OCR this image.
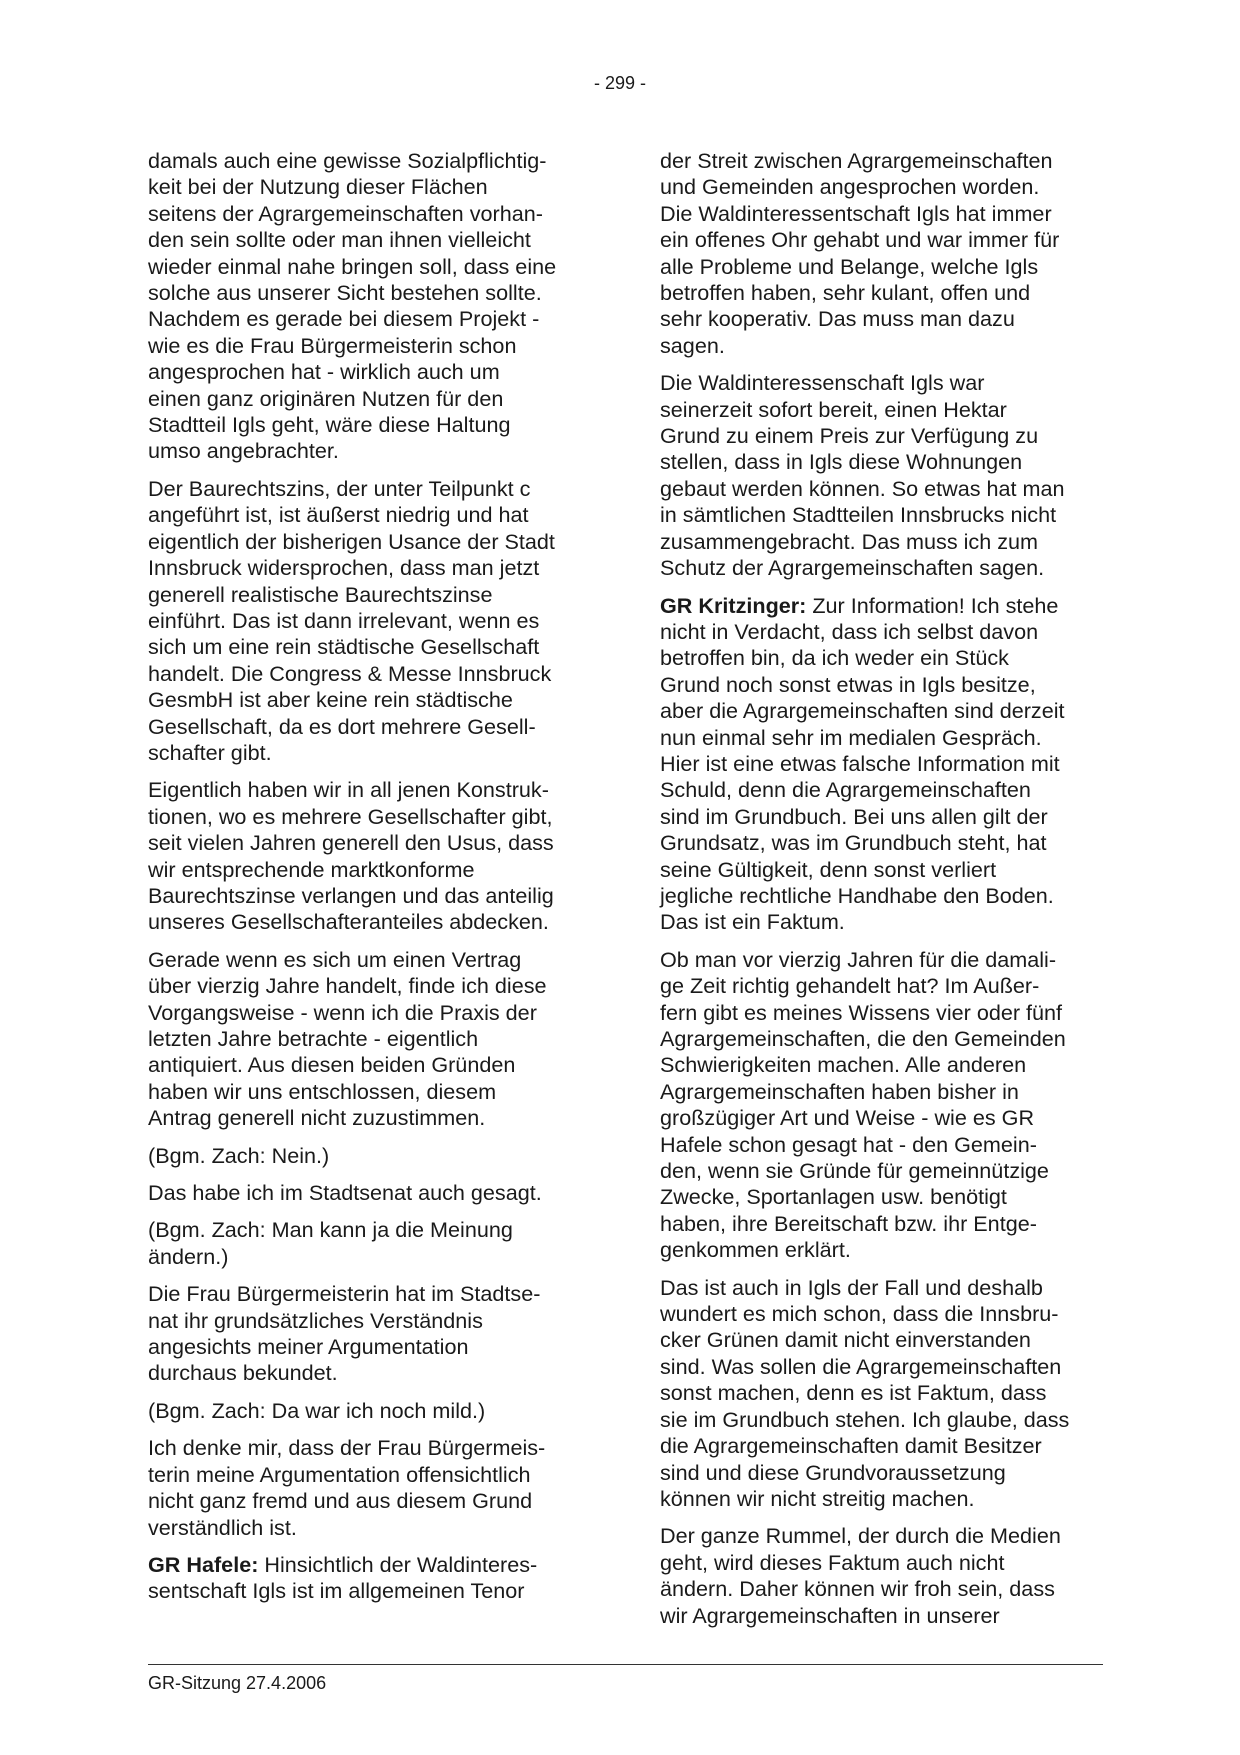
- 299 -

damals auch eine gewisse Sozialpflichtig-
keit bei der Nutzung dieser Flächen
seitens der Agrargemeinschaften vorhan-
den sein sollte oder man ihnen vielleicht
wieder einmal nahe bringen soll, dass eine
solche aus unserer Sicht bestehen sollte.
Nachdem es gerade bei diesem Projekt -
wie es die Frau Bürgermeisterin schon
angesprochen hat - wirklich auch um
einen ganz originären Nutzen für den
Stadtteil Igls geht, wäre diese Haltung
umso angebrachter.

Der Baurechtszins, der unter Teilpunkt c
angeführt ist, ist äußerst niedrig und hat
eigentlich der bisherigen Usance der Stadt
Innsbruck widersprochen, dass man jetzt
generell realistische Baurechtszinse
einführt. Das ist dann irrelevant, wenn es
sich um eine rein städtische Gesellschaft
handelt. Die Congress & Messe Innsbruck
GesmbH ist aber keine rein städtische
Gesellschaft, da es dort mehrere Gesell-
schafter gibt.

Eigentlich haben wir in all jenen Konstruk-
tionen, wo es mehrere Gesellschafter gibt,
seit vielen Jahren generell den Usus, dass
wir entsprechende marktkonforme
Baurechtszinse verlangen und das anteilig
unseres Gesellschafteranteiles abdecken.

Gerade wenn es sich um einen Vertrag
über vierzig Jahre handelt, finde ich diese
Vorgangsweise - wenn ich die Praxis der
letzten Jahre betrachte - eigentlich
antiquiert. Aus diesen beiden Gründen
haben wir uns entschlossen, diesem
Antrag generell nicht zuzustimmen.

(Bgm. Zach: Nein.)

Das habe ich im Stadtsenat auch gesagt.

(Bgm. Zach: Man kann ja die Meinung
ändern.)

Die Frau Bürgermeisterin hat im Stadtse-
nat ihr grundsätzliches Verständnis
angesichts meiner Argumentation
durchaus bekundet.

(Bgm. Zach: Da war ich noch mild.)

Ich denke mir, dass der Frau Bürgermeis-
terin meine Argumentation offensichtlich
nicht ganz fremd und aus diesem Grund
verständlich ist.

GR Hafele: Hinsichtlich der Waldinteres-
sentschaft Igls ist im allgemeinen Tenor

der Streit zwischen Agrargemeinschaften
und Gemeinden angesprochen worden.
Die Waldinteressentschaft Igls hat immer
ein offenes Ohr gehabt und war immer für
alle Probleme und Belange, welche Igls
betroffen haben, sehr kulant, offen und
sehr kooperativ. Das muss man dazu
sagen.

Die Waldinteressenschaft Igls war
seinerzeit sofort bereit, einen Hektar
Grund zu einem Preis zur Verfügung zu
stellen, dass in Igls diese Wohnungen
gebaut werden können. So etwas hat man
in sämtlichen Stadtteilen Innsbrucks nicht
zusammengebracht. Das muss ich zum
Schutz der Agrargemeinschaften sagen.

GR Kritzinger: Zur Information! Ich stehe
nicht in Verdacht, dass ich selbst davon
betroffen bin, da ich weder ein Stück
Grund noch sonst etwas in Igls besitze,
aber die Agrargemeinschaften sind derzeit
nun einmal sehr im medialen Gespräch.
Hier ist eine etwas falsche Information mit
Schuld, denn die Agrargemeinschaften
sind im Grundbuch. Bei uns allen gilt der
Grundsatz, was im Grundbuch steht, hat
seine Gültigkeit, denn sonst verliert
jegliche rechtliche Handhabe den Boden.
Das ist ein Faktum.

Ob man vor vierzig Jahren für die damali-
ge Zeit richtig gehandelt hat? Im Außer-
fern gibt es meines Wissens vier oder fünf
Agrargemeinschaften, die den Gemeinden
Schwierigkeiten machen. Alle anderen
Agrargemeinschaften haben bisher in
großzügiger Art und Weise - wie es GR
Hafele schon gesagt hat - den Gemein-
den, wenn sie Gründe für gemeinnützige
Zwecke, Sportanlagen usw. benötigt
haben, ihre Bereitschaft bzw. ihr Entge-
genkommen erklärt.

Das ist auch in Igls der Fall und deshalb
wundert es mich schon, dass die Innsbru-
cker Grünen damit nicht einverstanden
sind. Was sollen die Agrargemeinschaften
sonst machen, denn es ist Faktum, dass
sie im Grundbuch stehen. Ich glaube, dass
die Agrargemeinschaften damit Besitzer
sind und diese Grundvoraussetzung
können wir nicht streitig machen.

Der ganze Rummel, der durch die Medien
geht, wird dieses Faktum auch nicht
ändern. Daher können wir froh sein, dass
wir Agrargemeinschaften in unserer

GR-Sitzung 27.4.2006
